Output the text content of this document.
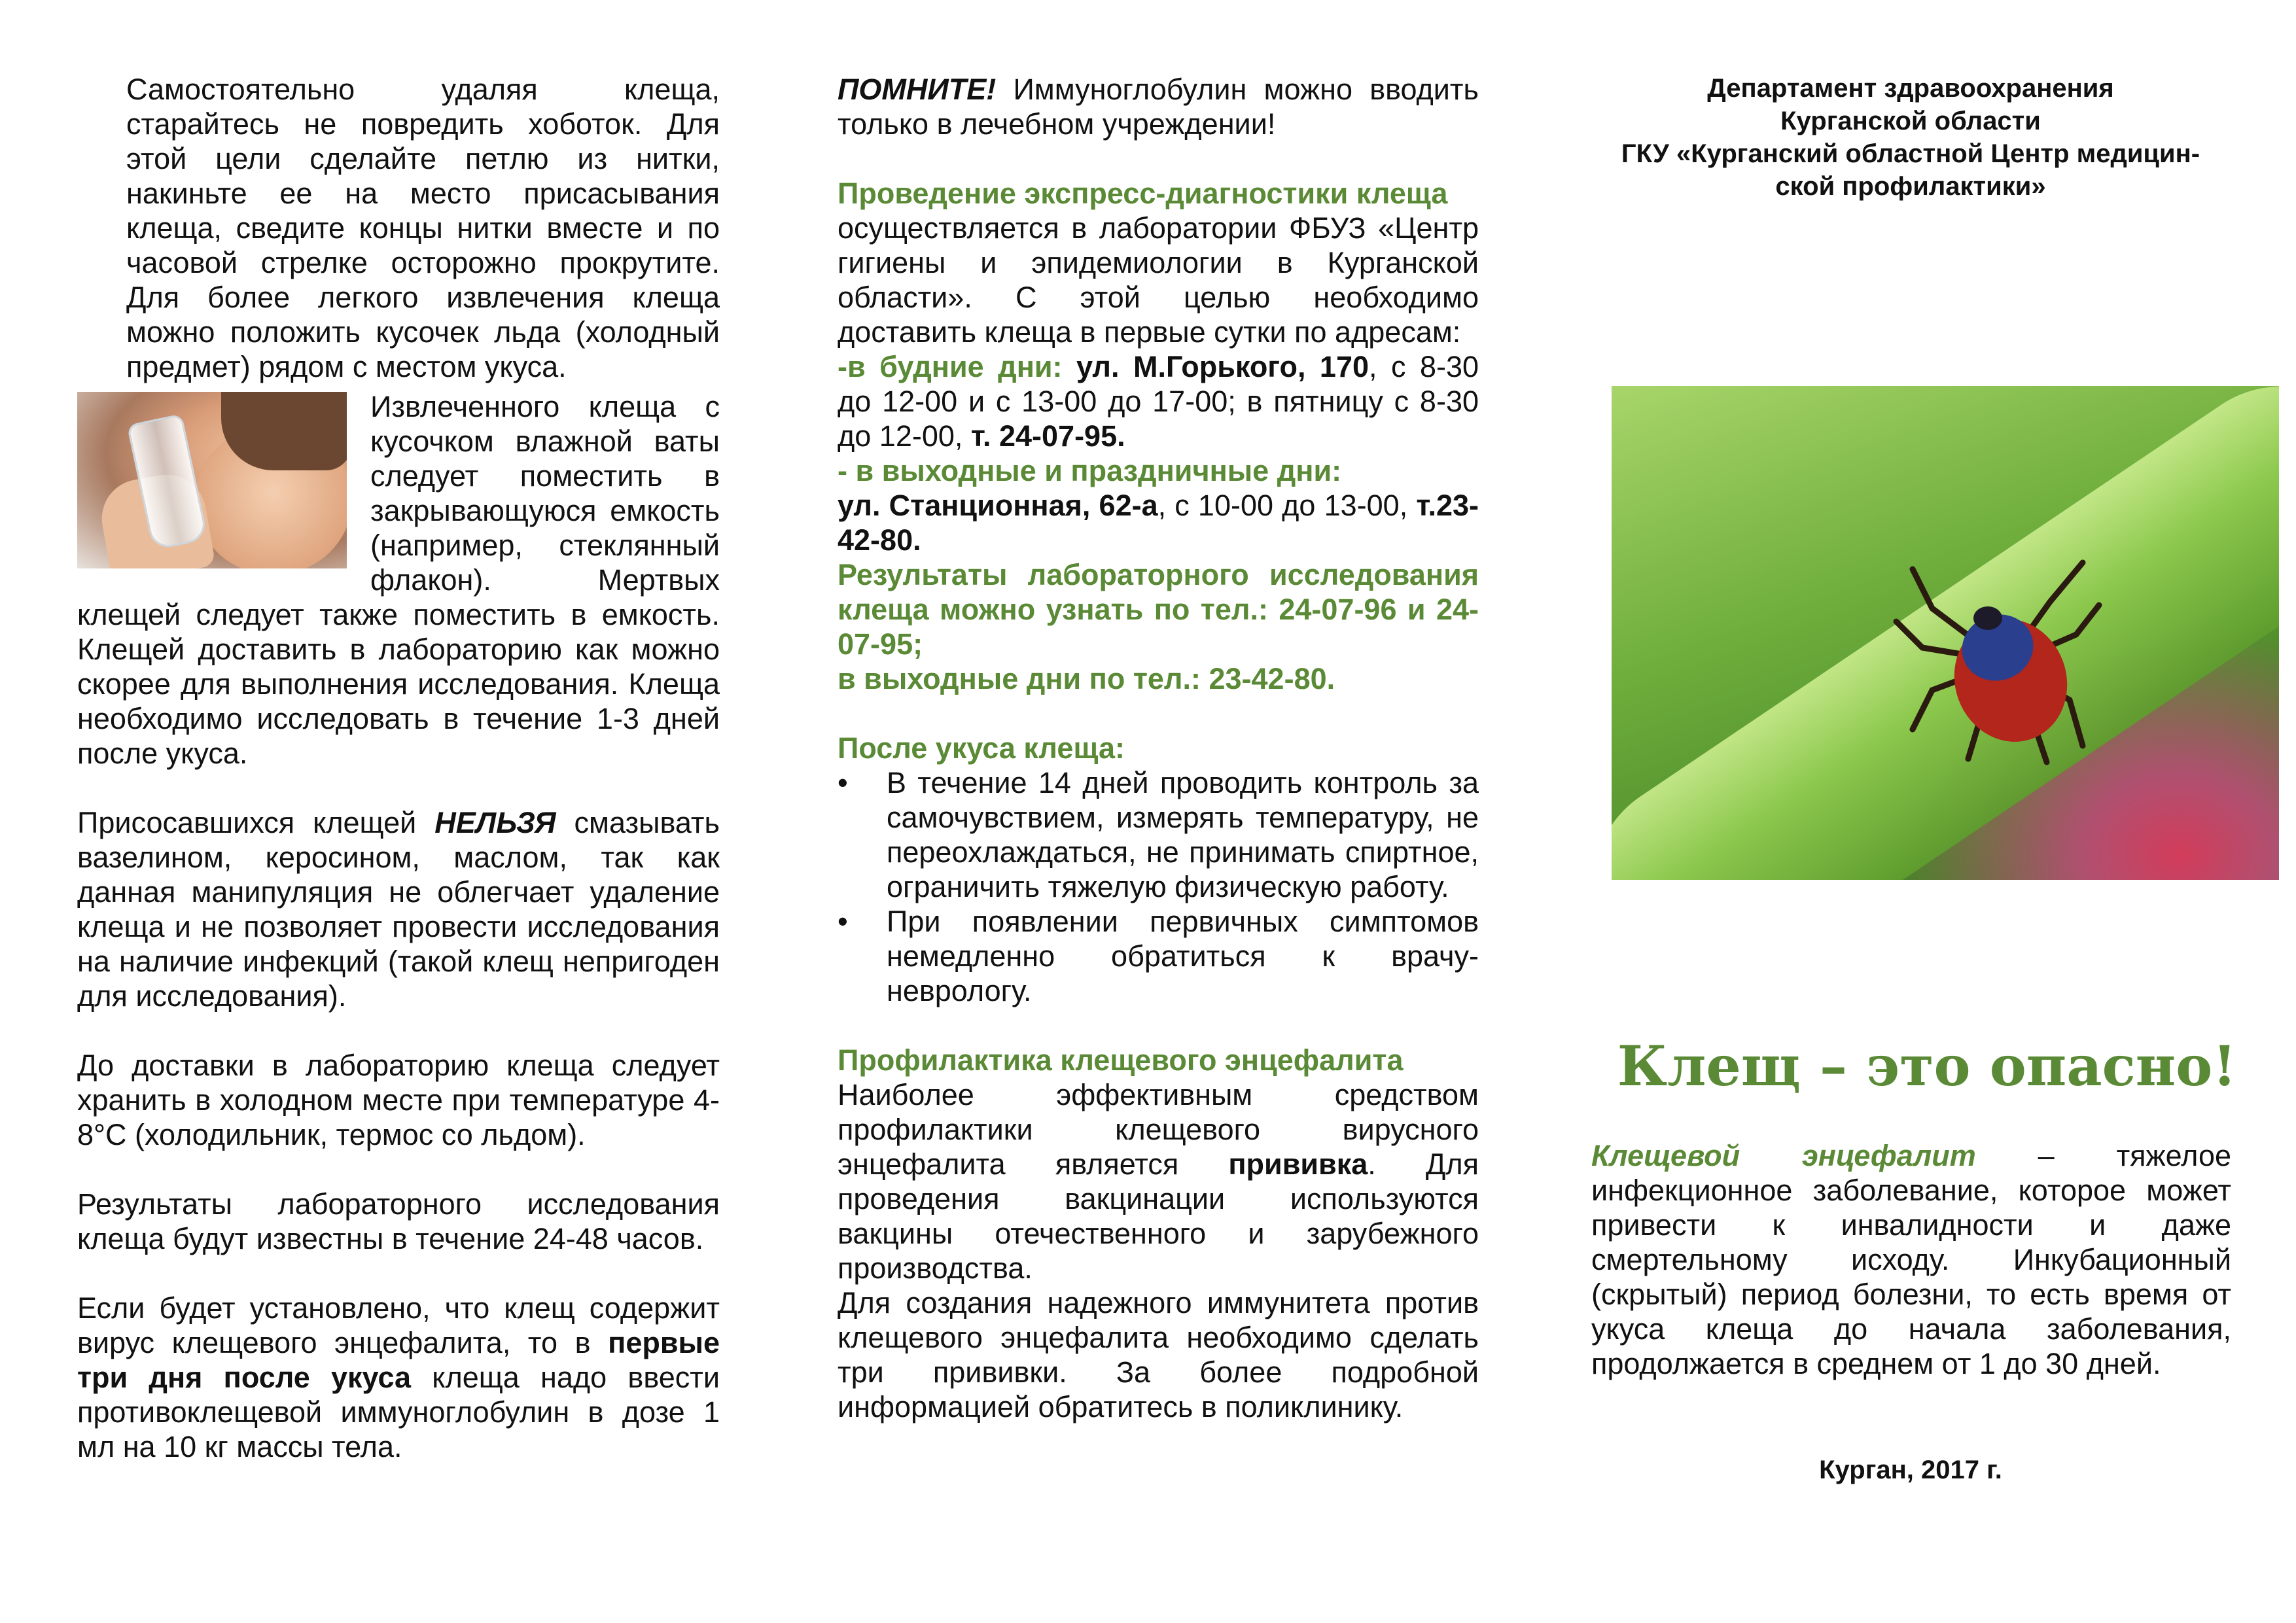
Самостоятельно удаляя клеща, старайтесь не повредить хоботок. Для этой цели сделайте петлю из нитки, накиньте ее на место присасывания клеща, сведите концы нитки вместе и по часовой стрелке осторожно прокрутите. Для более легкого извлечения клеща можно положить кусочек льда (холодный предмет) рядом с местом укуса.

Извлеченного клеща с кусочком влажной ваты следует поместить в закрывающуюся емкость (например, стеклянный флакон). Мертвых клещей следует также поместить в емкость. Клещей доставить в лабораторию как можно скорее для выполнения исследования. Клеща необходимо исследовать в течение 1-3 дней после укуса.

Присосавшихся клещей НЕЛЬЗЯ смазывать вазелином, керосином, маслом, так как данная манипуляция не облегчает удаление клеща и не позволяет провести исследования на наличие инфекций (такой клещ непригоден для исследования).

До доставки в лабораторию клеща следует хранить в холодном месте при температуре 4-8°С (холодильник, термос со льдом).

Результаты лабораторного исследования клеща будут известны в течение 24-48 часов.

Если будет установлено, что клещ содержит вирус клещевого энцефалита, то в первые три дня после укуса клеща надо ввести противоклещевой иммуноглобулин в дозе 1 мл на 10 кг массы тела.

ПОМНИТЕ! Иммуноглобулин можно вводить только в лечебном учреждении!

Проведение экспресс-диагностики клеща

осуществляется в лаборатории ФБУЗ «Центр гигиены и эпидемиологии в Курганской области». С этой целью необходимо доставить клеща в первые сутки по адресам:

-в будние дни: ул. М.Горького, 170, с 8-30 до 12-00 и с 13-00 до 17-00; в пятницу с 8-30 до 12-00, т. 24-07-95.

- в выходные и праздничные дни:

ул. Станционная, 62-а, с 10-00 до 13-00, т.23-42-80.

Результаты лабораторного исследования клеща можно узнать по тел.: 24-07-96 и 24-07-95;

в выходные дни по тел.: 23-42-80.

После укуса клеща:

• В течение 14 дней проводить контроль за самочувствием, измерять температуру, не переохлаждаться, не принимать спиртное, ограничить тяжелую физическую работу.
• При появлении первичных симптомов немедленно обратиться к врачу-неврологу.

Профилактика клещевого энцефалита

Наиболее эффективным средством профилактики клещевого вирусного энцефалита является прививка. Для проведения вакцинации используются вакцины отечественного и зарубежного производства.

Для создания надежного иммунитета против клещевого энцефалита необходимо сделать три прививки. За более подробной информацией обратитесь в поликлинику.

Департамент здравоохранения
Курганской области
ГКУ «Курганский областной Центр медицин-
ской профилактики»
Клещ – это опасно!

Клещевой энцефалит – тяжелое инфекционное заболевание, которое может привести к инвалидности и даже смертельному исходу. Инкубационный (скрытый) период болезни, то есть время от укуса клеща до начала заболевания, продолжается в среднем от 1 до 30 дней.

Курган, 2017 г.
